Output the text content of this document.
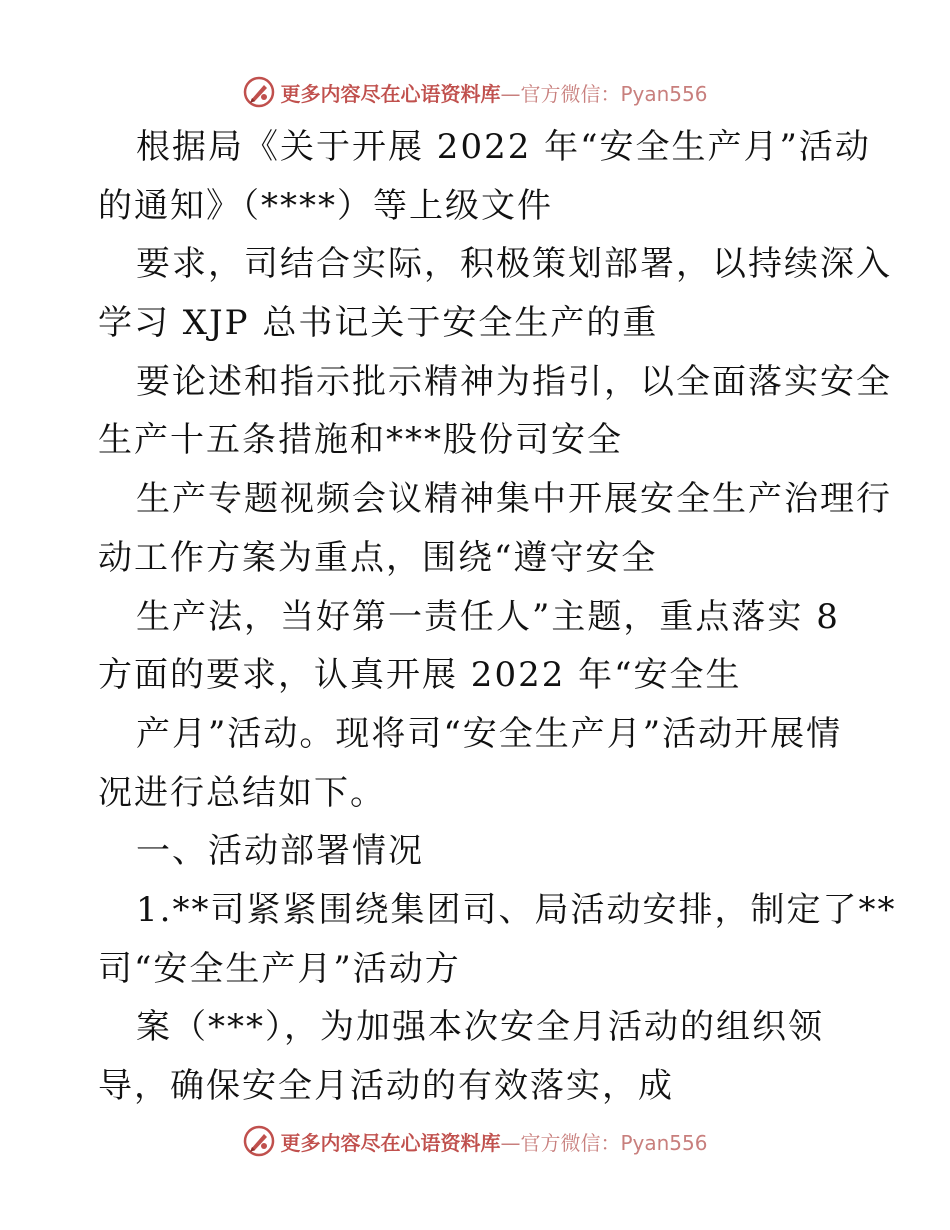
更多内容尽在心语资料库 —官方微信：Pyan556
根据局《关于开展 2022 年“安全生产月”活动
的通知》（****）等上级文件
要求，司结合实际，积极策划部署，以持续深入
学习 XJP 总书记关于安全生产的重
要论述和指示批示精神为指引，以全面落实安全
生产十五条措施和***股份司安全
生产专题视频会议精神集中开展安全生产治理行
动工作方案为重点，围绕“遵守安全
生产法，当好第一责任人”主题，重点落实 8
方面的要求，认真开展 2022 年“安全生
产月”活动。现将司“安全生产月”活动开展情
况进行总结如下。
一、活动部署情况
1.**司紧紧围绕集团司、局活动安排，制定了**
司“安全生产月”活动方
案（***），为加强本次安全月活动的组织领
导，确保安全月活动的有效落实，成
更多内容尽在心语资料库 —官方微信：Pyan556
